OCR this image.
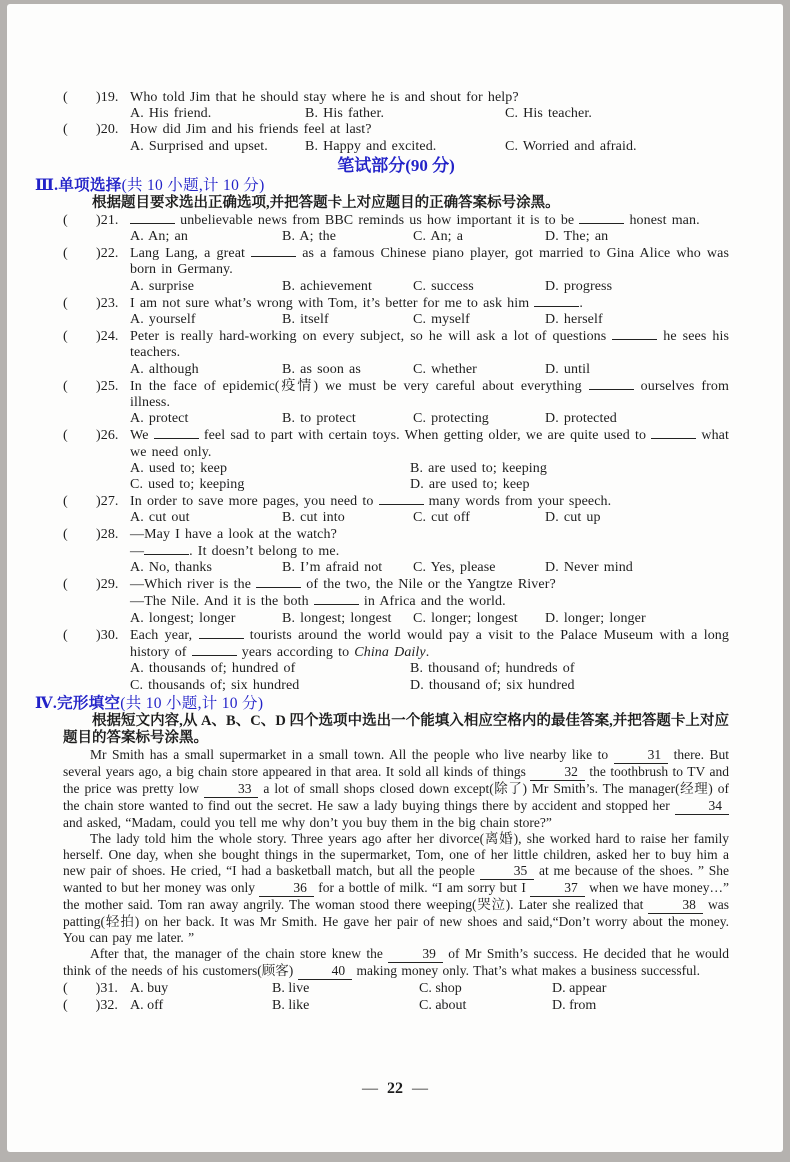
(　　)19. Who told Jim that he should stay where he is and shout for help?
A. His friend.	B. His father.	C. His teacher.
(　　)20. How did Jim and his friends feel at last?
A. Surprised and upset.	B. Happy and excited.	C. Worried and afraid.
笔试部分(90 分)
Ⅲ.单项选择(共 10 小题,计 10 分)
根据题目要求选出正确选项,并把答题卡上对应题目的正确答案标号涂黑。
(　　)21.	unbelievable news from BBC reminds us how important it is to be	honest man.
A. An; an	B. A; the	C. An; a	D. The; an
(　　)22. Lang Lang, a great	as a famous Chinese piano player, got married to Gina Alice who was born in Germany.
A. surprise	B. achievement	C. success	D. progress
(　　)23. I am not sure what’s wrong with Tom, it’s better for me to ask him	.
A. yourself	B. itself	C. myself	D. herself
(　　)24. Peter is really hard-working on every subject, so he will ask a lot of questions	he sees his teachers.
A. although	B. as soon as	C. whether	D. until
(　　)25. In the face of epidemic(疫情) we must be very careful about everything	ourselves from illness.
A. protect	B. to protect	C. protecting	D. protected
(　　)26. We	feel sad to part with certain toys. When getting older, we are quite used to	what we need only.
A. used to; keep	B. are used to; keeping
C. used to; keeping	D. are used to; keep
(　　)27. In order to save more pages, you need to	many words from your speech.
A. cut out	B. cut into	C. cut off	D. cut up
(　　)28. —May I have a look at the watch?
—	. It doesn’t belong to me.
A. No, thanks	B. I’m afraid not	C. Yes, please	D. Never mind
(　　)29. —Which river is the	of the two, the Nile or the Yangtze River?
—The Nile. And it is the both	in Africa and the world.
A. longest; longer	B. longest; longest	C. longer; longest	D. longer; longer
(　　)30. Each year,	tourists around the world would pay a visit to the Palace Museum with a long history of	years according to China Daily.
A. thousands of; hundred of	B. thousand of; hundreds of
C. thousands of; six hundred	D. thousand of; six hundred
Ⅳ.完形填空(共 10 小题,计 10 分)
根据短文内容,从 A、B、C、D 四个选项中选出一个能填入相应空格内的最佳答案,并把答题卡上对应题目的答案标号涂黑。
Mr Smith has a small supermarket in a small town. All the people who live nearby like to	31 there. But several years ago, a big chain store appeared in that area. It sold all kinds of things	32 the toothbrush to TV and the price was pretty low	33 a lot of small shops closed down except(除了) Mr Smith’s. The manager(经理) of the chain store wanted to find out the secret. He saw a lady buying things there by accident and stopped her	34 and asked, “Madam, could you tell me why don’t you buy them in the big chain store?”
The lady told him the whole story. Three years ago after her divorce(离婚), she worked hard to raise her family herself. One day, when she bought things in the supermarket, Tom, one of her little children, asked her to buy him a new pair of shoes. He cried, “I had a basketball match, but all the people	35 at me because of the shoes. ” She wanted to but her money was only	36 for a bottle of milk. “I am sorry but I	37 when we have money…” the mother said. Tom ran away angrily. The woman stood there weeping(哭泣). Later she realized that	38 was patting(轻拍) on her back. It was Mr Smith. He gave her pair of new shoes and said,“Don’t worry about the money. You can pay me later. ”
After that, the manager of the chain store knew the	39 of Mr Smith’s success. He decided that he would think of the needs of his customers(顾客)	40 making money only. That’s what makes a business successful.
(　　)31. A. buy	B. live	C. shop	D. appear
(　　)32. A. off	B. like	C. about	D. from
— 22 —
